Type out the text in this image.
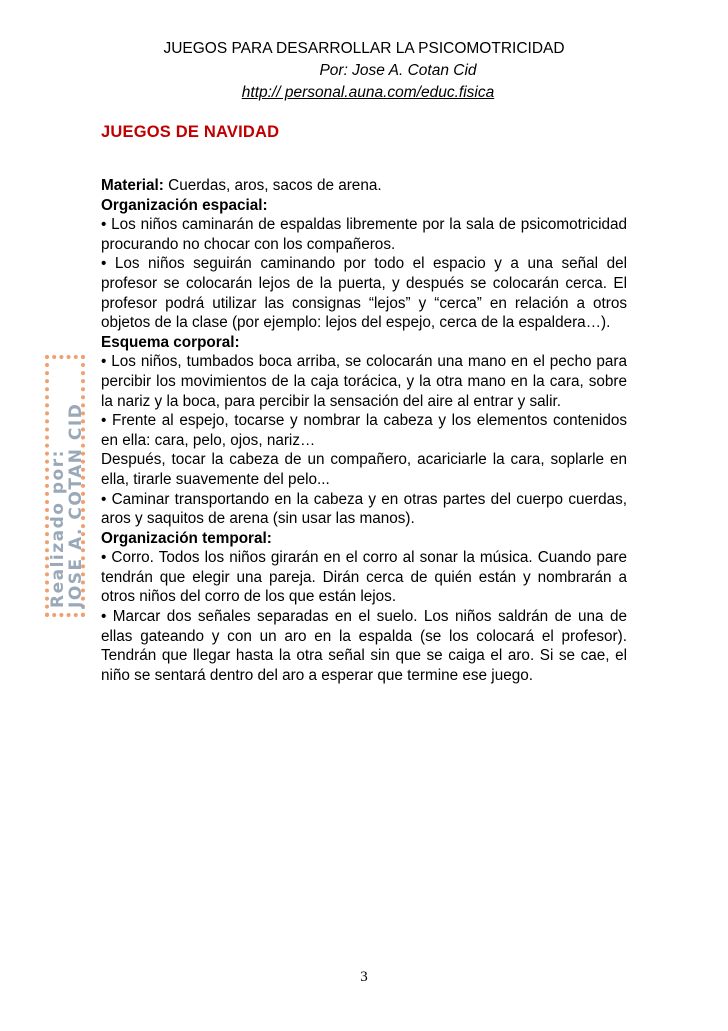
JUEGOS PARA DESARROLLAR LA PSICOMOTRICIDAD
Por: Jose A. Cotan Cid
http:// personal.auna.com/educ.fisica
JUEGOS DE NAVIDAD
Realizado por:
JOSE A. COTAN CID

Material: Cuerdas, aros, sacos de arena.

Organización espacial:

• Los niños caminarán de espaldas libremente por la sala de psicomotricidad procurando no chocar con los compañeros.

• Los niños seguirán caminando por todo el espacio y a una señal del profesor se colocarán lejos de la puerta, y después se colocarán cerca. El profesor podrá utilizar las consignas “lejos” y “cerca” en relación a otros objetos de la clase (por ejemplo: lejos del espejo, cerca de la espaldera…).

Esquema corporal:

• Los niños, tumbados boca arriba, se colocarán una mano en el pecho para percibir los movimientos de la caja torácica, y la otra mano en la cara, sobre la nariz y la boca, para percibir la sensación del aire al entrar y salir.

• Frente al espejo, tocarse y nombrar la cabeza y los elementos contenidos en ella: cara, pelo, ojos, nariz…

Después, tocar la cabeza de un compañero, acariciarle la cara, soplarle en ella, tirarle suavemente del pelo...

• Caminar transportando en la cabeza y en otras partes del cuerpo cuerdas, aros y saquitos de arena (sin usar las manos).

Organización temporal:

• Corro. Todos los niños girarán en el corro al sonar la música. Cuando pare tendrán que elegir una pareja. Dirán cerca de quién están y nombrarán a otros niños del corro de los que están lejos.

• Marcar dos señales separadas en el suelo. Los niños saldrán de una de ellas gateando y con un aro en la espalda (se los colocará el profesor). Tendrán que llegar hasta la otra señal sin que se caiga el aro. Si se cae, el niño se sentará dentro del aro a esperar que termine ese juego.

3
